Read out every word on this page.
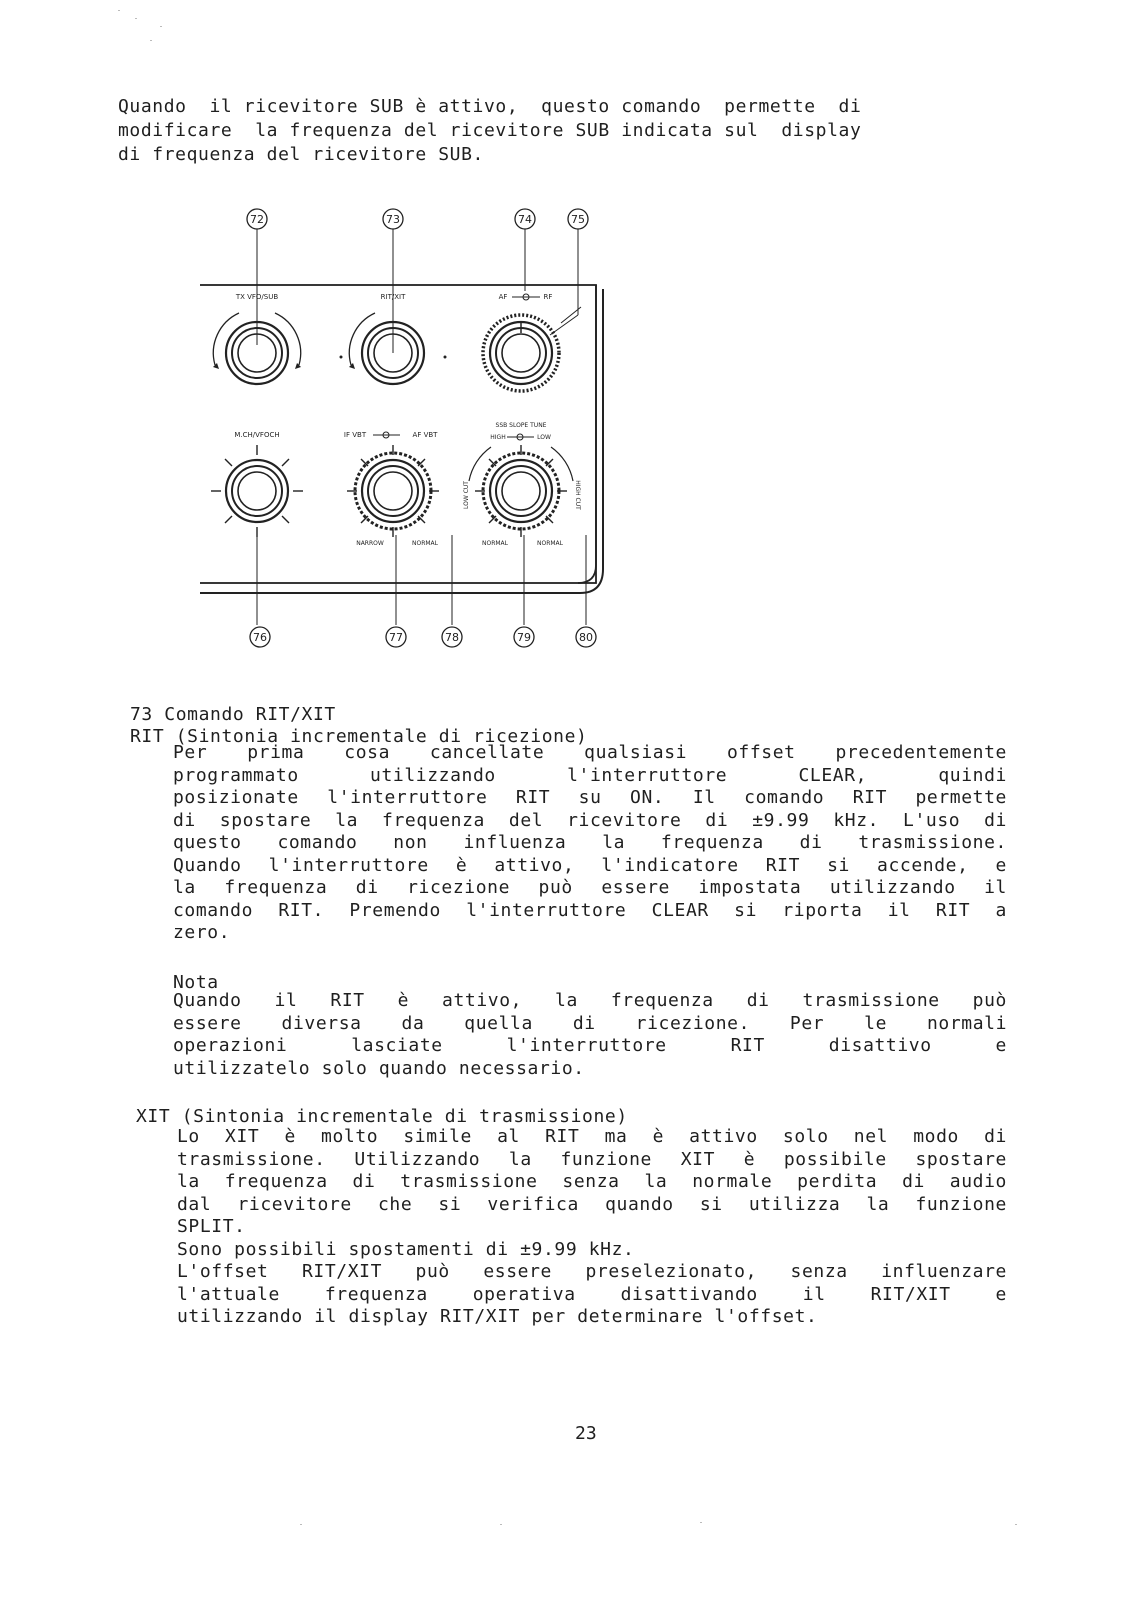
Quando  il ricevitore SUB è attivo,  questo comando  permette  di
modificare  la frequenza del ricevitore SUB indicata sul  display
di frequenza del ricevitore SUB.
72	73	74	75
TX VFO/SUB	RIT/XIT	AF	RF
M.CH/VFOCH	IF VBT	AF VBT
SSB SLOPE TUNE
HIGH	LOW
LOW CUT	HIGH CUT
NARROW	NORMAL	NORMAL	NORMAL
76	77	78	79	80
73 Comando RIT/XIT
RIT (Sintonia incrementale di ricezione)
Per prima cosa cancellate qualsiasi offset precedentemente
programmato utilizzando l'interruttore CLEAR, quindi
posizionate l'interruttore RIT su ON. Il comando RIT permette
di spostare la frequenza del ricevitore di ±9.99 kHz. L'uso di
questo comando non influenza la frequenza di trasmissione.
Quando l'interruttore è attivo, l'indicatore RIT si accende, e
la frequenza di ricezione può essere impostata utilizzando il
comando RIT. Premendo l'interruttore CLEAR si riporta il RIT a
zero.
Nota
Quando il RIT è attivo, la frequenza di trasmissione può
essere diversa da quella di ricezione. Per le normali
operazioni lasciate l'interruttore RIT disattivo e
utilizzatelo solo quando necessario.
XIT (Sintonia incrementale di trasmissione)
Lo XIT è molto simile al RIT ma è attivo solo nel modo di
trasmissione. Utilizzando la funzione XIT è possibile spostare
la frequenza di trasmissione senza la normale perdita di audio
dal ricevitore che si verifica quando si utilizza la funzione
SPLIT.
Sono possibili spostamenti di ±9.99 kHz.
L'offset RIT/XIT può essere preselezionato, senza influenzare
l'attuale frequenza operativa disattivando il RIT/XIT e
utilizzando il display RIT/XIT per determinare l'offset.
23
